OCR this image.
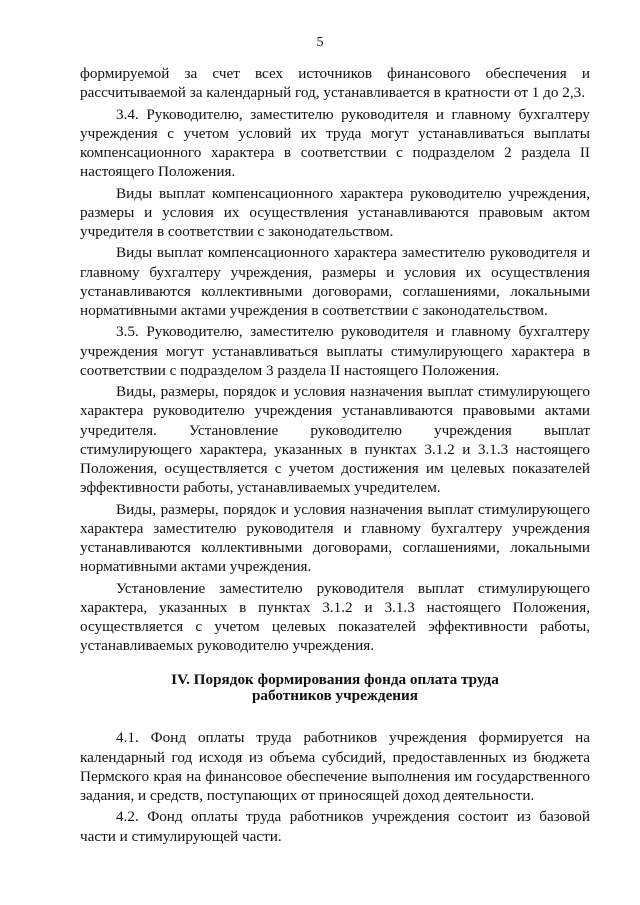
5

формируемой за счет всех источников финансового обеспечения и рассчитываемой за календарный год, устанавливается в кратности от 1 до 2,3.

3.4. Руководителю, заместителю руководителя и главному бухгалтеру учреждения с учетом условий их труда могут устанавливаться выплаты компенсационного характера в соответствии с подразделом 2 раздела II настоящего Положения.

Виды выплат компенсационного характера руководителю учреждения, размеры и условия их осуществления устанавливаются правовым актом учредителя в соответствии с законодательством.

Виды выплат компенсационного характера заместителю руководителя и главному бухгалтеру учреждения, размеры и условия их осуществления устанавливаются коллективными договорами, соглашениями, локальными нормативными актами учреждения в соответствии с законодательством.

3.5. Руководителю, заместителю руководителя и главному бухгалтеру учреждения могут устанавливаться выплаты стимулирующего характера в соответствии с подразделом 3 раздела II настоящего Положения.

Виды, размеры, порядок и условия назначения выплат стимулирующего характера руководителю учреждения устанавливаются правовыми актами учредителя. Установление руководителю учреждения выплат стимулирующего характера, указанных в пунктах 3.1.2 и 3.1.3 настоящего Положения, осуществляется с учетом достижения им целевых показателей эффективности работы, устанавливаемых учредителем.

Виды, размеры, порядок и условия назначения выплат стимулирующего характера заместителю руководителя и главному бухгалтеру учреждения устанавливаются коллективными договорами, соглашениями, локальными нормативными актами учреждения.

Установление заместителю руководителя выплат стимулирующего характера, указанных в пунктах 3.1.2 и 3.1.3 настоящего Положения, осуществляется с учетом целевых показателей эффективности работы, устанавливаемых руководителю учреждения.

IV. Порядок формирования фонда оплата труда
работников учреждения

4.1. Фонд оплаты труда работников учреждения формируется на календарный год исходя из объема субсидий, предоставленных из бюджета Пермского края на финансовое обеспечение выполнения им государственного задания, и средств, поступающих от приносящей доход деятельности.

4.2. Фонд оплаты труда работников учреждения состоит из базовой части и стимулирующей части.
